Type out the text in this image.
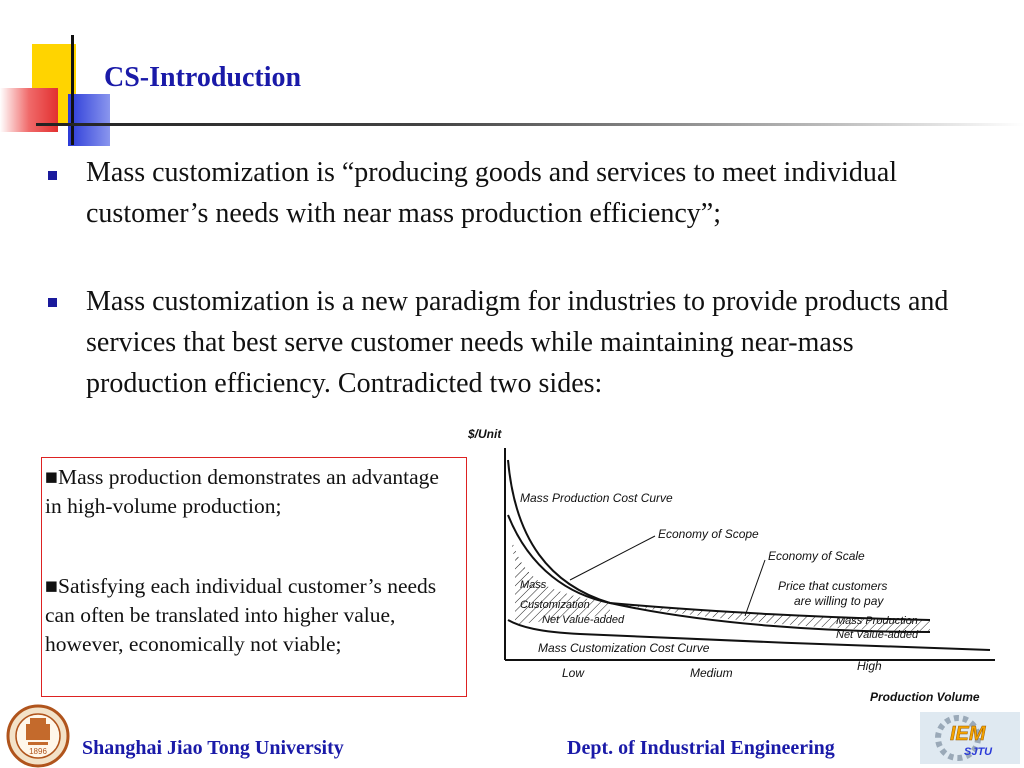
CS-Introduction
Mass customization is “producing goods and services to meet individual customer’s needs with near mass production efficiency”;
Mass customization is a new paradigm for industries to provide products and services that best serve customer needs while maintaining near-mass production efficiency. Contradicted two sides:
■Mass production demonstrates an advantage in high-volume production;
■Satisfying each individual customer’s needs can often be translated into higher value, however, economically not viable;
$/Unit
Mass Production Cost Curve
Economy of Scope
Economy of Scale
Price that customers
are willing to pay
Mass
Customization
Net Value-added	Mass Production
Net Value-added
Mass Customization Cost Curve
Low	Medium	High
Production Volume
1896 Shanghai Jiao Tong University	Dept. of Industrial Engineering
IEM
SJTU
